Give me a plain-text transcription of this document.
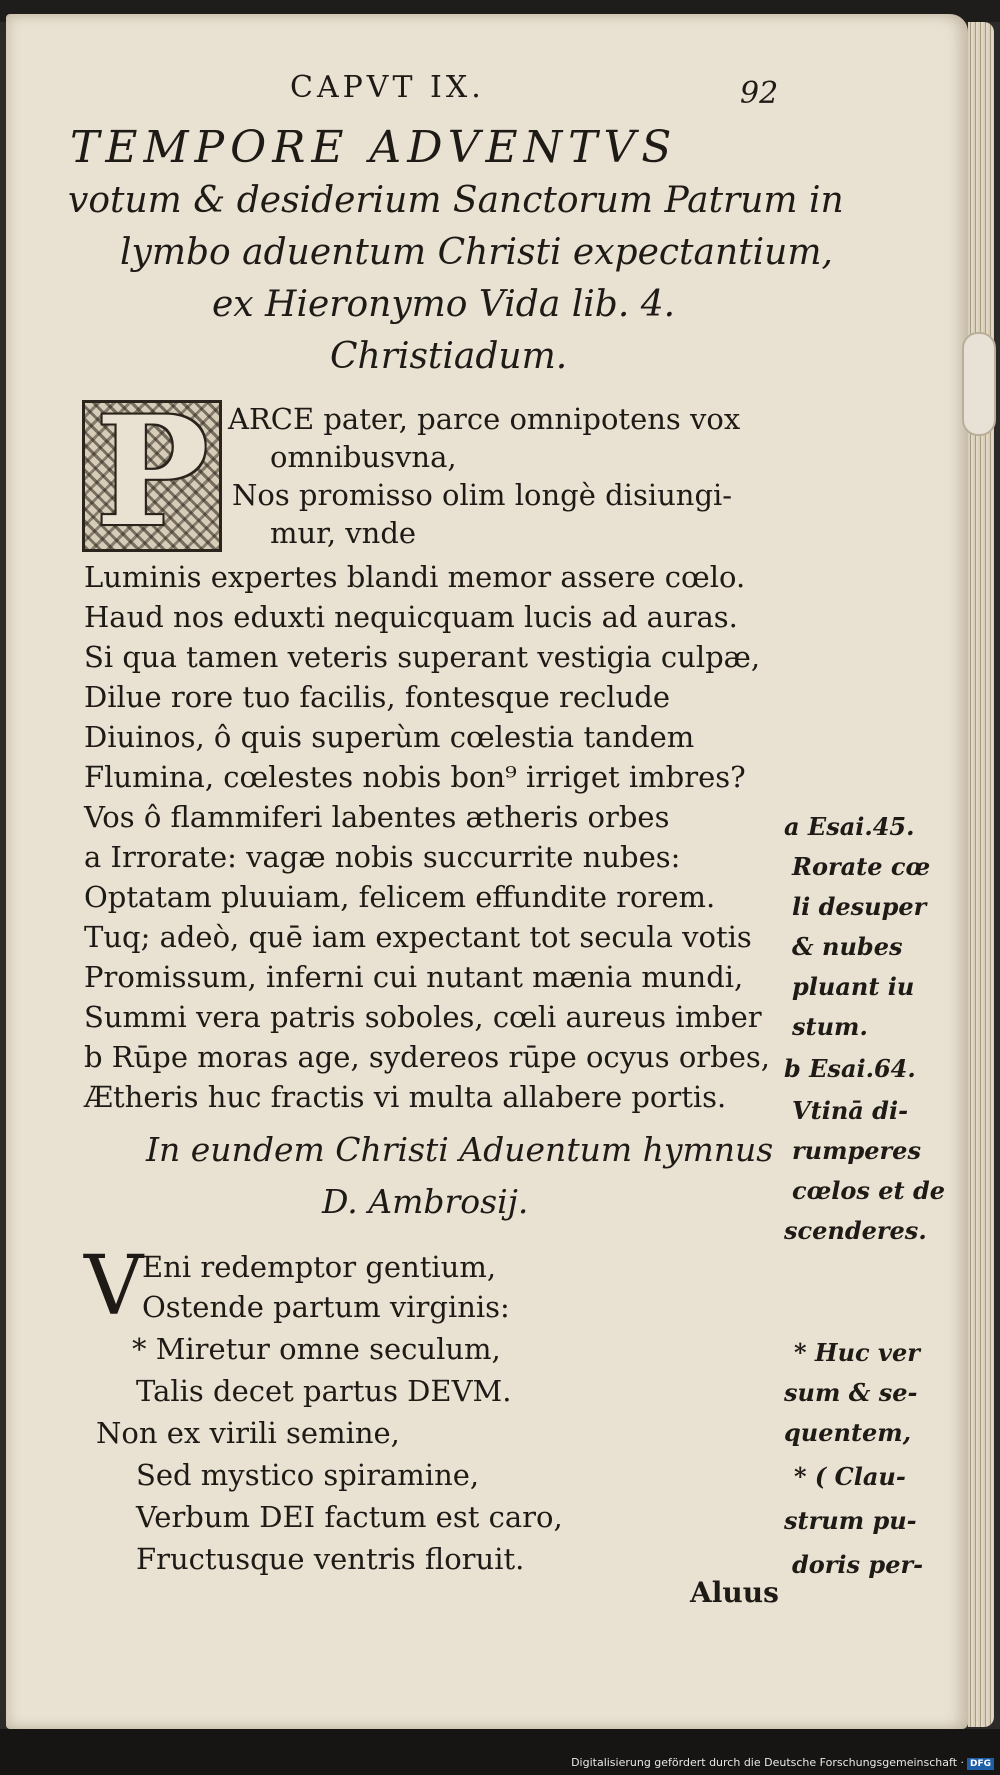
CAPVT IX.	92
TEMPORE ADVENTVS
votum & desiderium Sanctorum Patrum in
lymbo aduentum Christi expectantium,
ex Hieronymo Vida lib. 4.
Christiadum.
P ARCE pater, parce omnipotens vox
omnibusvna,
Nos promisso olim longè disiungi-
mur, vnde
Luminis expertes blandi memor assere cœlo.
Haud nos eduxti nequicquam lucis ad auras.
Si qua tamen veteris superant vestigia culpæ,
Dilue rore tuo facilis, fontesque reclude
Diuinos, ô quis superùm cœlestia tandem
Flumina, cœlestes nobis bon⁹ irriget imbres?
Vos ô flammiferi labentes ætheris orbes
a Irrorate: vagæ nobis succurrite nubes:
Optatam pluuiam, felicem effundite rorem.
Tuq; adeò, quē iam expectant tot secula votis
Promissum, inferni cui nutant mænia mundi,
Summi vera patris soboles, cœli aureus imber
b Rūpe moras age, sydereos rūpe ocyus orbes,
Ætheris huc fractis vi multa allabere portis.
In eundem Christi Aduentum hymnus
D. Ambrosij.
V
Eni redemptor gentium,
Ostende partum virginis:
* Miretur omne seculum,
Talis decet partus DEVM.
Non ex virili semine,
Sed mystico spiramine,
Verbum DEI factum est caro,
Fructusque ventris floruit.
a Esai.45.
Rorate cœ
li desuper
& nubes
pluant iu
stum.
b Esai.64.
Vtinā di-
rumperes
cœlos et de
scenderes.
* Huc ver
sum & se-
quentem,
* ( Clau-
strum pu-
doris per-
Aluus
Digitalisierung gefördert durch die Deutsche Forschungsgemeinschaft · DFG
